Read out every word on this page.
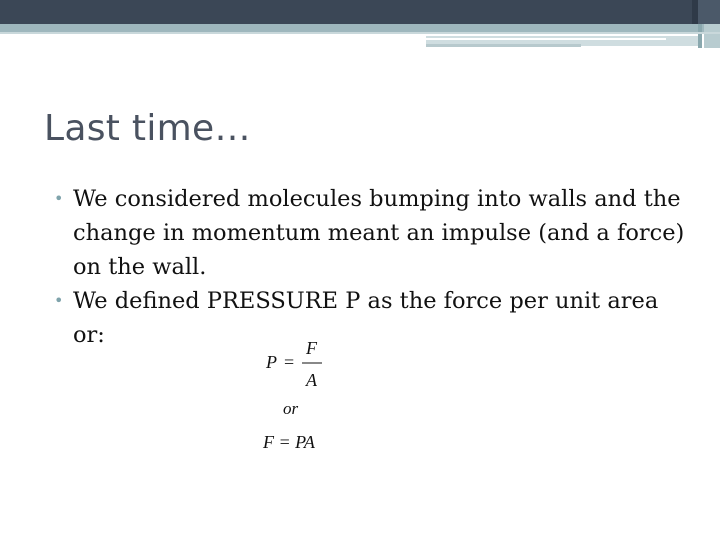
Last time…
• We considered molecules bumping into walls and the change in momentum meant an impulse (and a force) on the wall.
• We defined PRESSURE P as the force per unit area or:
P =
F
A
or
F = PA
